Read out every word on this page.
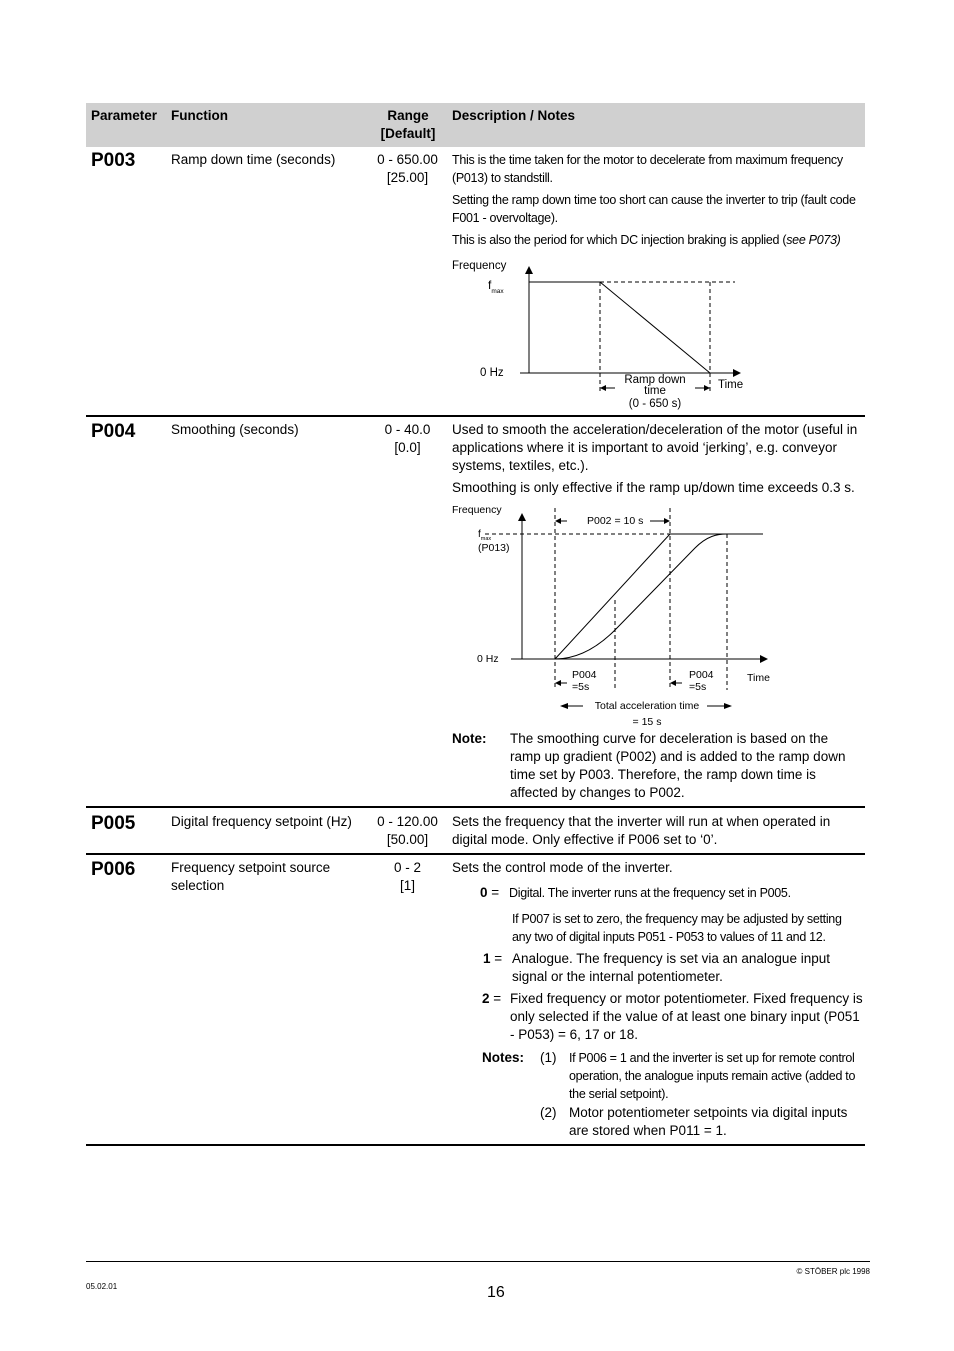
Parameter Function	Range
[Default]
Description / Notes
P003	Ramp down time (seconds)	0 - 650.00
[25.00]

This is the time taken for the motor to decelerate from maximum frequency (P013) to standstill.

Setting the ramp down time too short can cause the inverter to trip (fault code F001 - overvoltage).

This is also the period for which DC injection braking is applied (see P073)

Frequency
$f_{max}$
0 Hz
Time
Ramp down
time
(0 - 650 s)
P004	Smoothing (seconds)	0 - 40.0
[0.0]

Used to smooth the acceleration/deceleration of the motor (useful in applications where it is important to avoid ‘jerking’, e.g. conveyor systems, textiles, etc.).

Smoothing is only effective if the ramp up/down time exceeds 0.3 s.

Frequency
P002 = 10 s
$f_{max}$
(P013)
0 Hz
P004
=5s
P004
=5s
Time
Total acceleration time
= 15 s
Note: The smoothing curve for deceleration is based on the ramp up gradient (P002) and is added to the ramp down time set by P003. Therefore, the ramp down time is affected by changes to P002.
P005	Digital frequency setpoint (Hz)	0 - 120.00
[50.00]

Sets the frequency that the inverter will run at when operated in digital mode. Only effective if P006 set to ‘0’.

P006	Frequency setpoint source selection
0 - 2
[1]
Sets the control mode of the inverter.
0 = Digital. The inverter runs at the frequency set in P005.
If P007 is set to zero, the frequency may be adjusted by setting any two of digital inputs P051 - P053 to values of 11 and 12.
1 = Analogue. The frequency is set via an analogue input signal or the internal potentiometer.
2 = Fixed frequency or motor potentiometer. Fixed frequency is only selected if the value of at least one binary input (P051 - P053) = 6, 17 or 18.
Notes: (1) If P006 = 1 and the inverter is set up for remote control operation, the analogue inputs remain active (added to the serial setpoint).
(2) Motor potentiometer setpoints via digital inputs are stored when P011 = 1.
© STÖBER plc 1998
05.02.01	16
